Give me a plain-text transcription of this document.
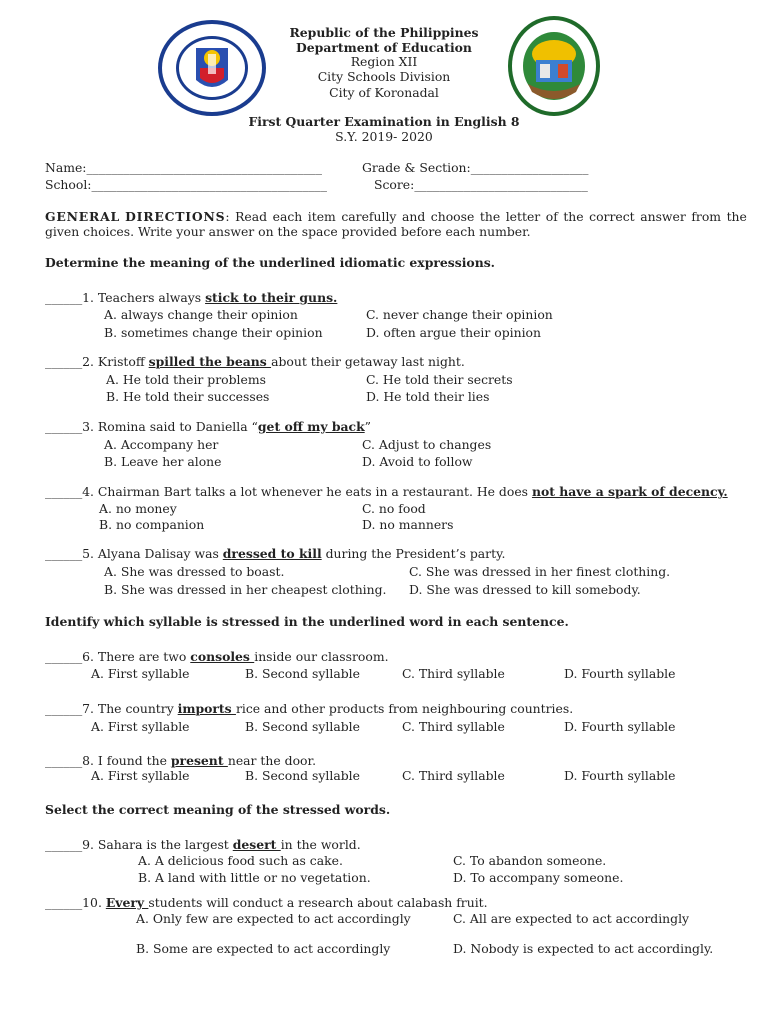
Republic of the Philippines
Department of Education
Region XII
City Schools Division
City of Koronadal
First Quarter Examination in English 8
S.Y. 2019- 2020
Name:______________________________________	Grade & Section:___________________
School:______________________________________	Score:____________________________
GENERAL DIRECTIONS: Read each item carefully and choose the letter of the correct answer from the
given choices. Write your answer on the space provided before each number.
Determine the meaning of the underlined idiomatic expressions.
______1. Teachers always stick to their guns.
A. always change their opinion	C. never change their opinion
B. sometimes change their opinion	D. often argue their opinion
______2. Kristoff spilled the beans about their getaway last night.
A. He told their problems	C. He told their secrets
B. He told their successes	D. He told their lies
______3. Romina said to Daniella “get off my back”
A. Accompany her	C. Adjust to changes
B. Leave her alone	D. Avoid to follow
______4. Chairman Bart talks a lot whenever he eats in a restaurant. He does not have a spark of decency.
A. no money	C. no food
B. no companion	D. no manners
______5. Alyana Dalisay was dressed to kill during the President’s party.
A. She was dressed to boast.	C. She was dressed in her finest clothing.
B. She was dressed in her cheapest clothing. D. She was dressed to kill somebody.
Identify which syllable is stressed in the underlined word in each sentence.
______6. There are two consoles inside our classroom.
A. First syllable	B. Second syllable	C. Third syllable	D. Fourth syllable
______7. The country imports rice and other products from neighbouring countries.
A. First syllable	B. Second syllable	C. Third syllable	D. Fourth syllable
______8. I found the present near the door.
A. First syllable	B. Second syllable	C. Third syllable	D. Fourth syllable
Select the correct meaning of the stressed words.
______9. Sahara is the largest desert in the world.
A. A delicious food such as cake.	C. To abandon someone.
B. A land with little or no vegetation.	D. To accompany someone.
______10. Every students will conduct a research about calabash fruit.
A. Only few are expected to act accordingly	C. All are expected to act accordingly
B. Some are expected to act accordingly	D. Nobody is expected to act accordingly.
